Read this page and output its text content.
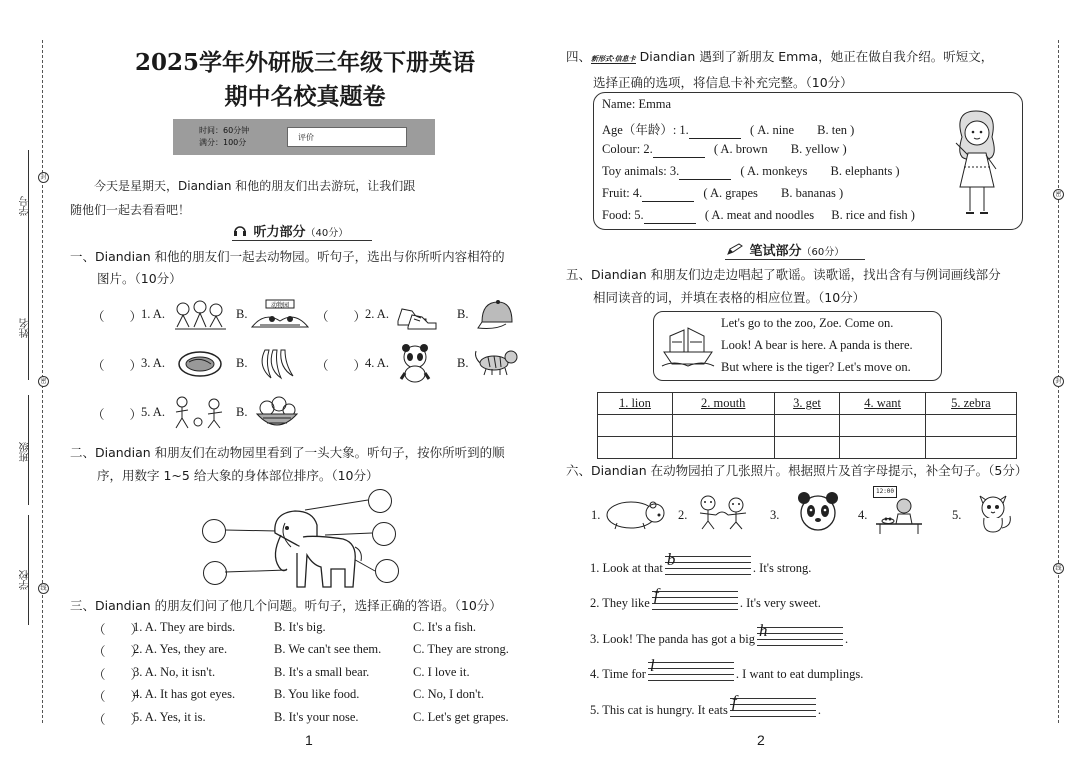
封
密
线
学号
姓名
班级
学校
密
封
线
2025学年外研版三年级下册英语
期中名校真题卷
时间：60分钟
满分：100分
评价
今天是星期天，Diandian 和他的朋友们出去游玩，让我们跟
随他们一起去看看吧！
听力部分（40分）
一、Diandian 和他的朋友们一起去动物园。听句子，选出与你所听内容相符的
图片。（10分）
（　　）
1. A.	B.
动物园
（　　）
2. A.	B.
（　　）
3. A.	B.	（　　）
4. A.	B.
（　　）
5. A.	B.
二、Diandian 和朋友们在动物园里看到了一头大象。听句子，按你所听到的顺
序，用数字 1~5 给大象的身体部位排序。（10分）
三、Diandian 的朋友们问了他几个问题。听句子，选择正确的答语。（10分）
（　　）
1. A. They are birds.	B. It's big.	C. It's a fish.
（　　）
2. A. Yes, they are.	B. We can't see them.	C. They are strong.
（　　）
3. A. No, it isn't.	B. It's a small bear.	C. I love it.
（　　）
4. A. It has got eyes.	B. You like food.	C. No, I don't.
（　　）
5. A. Yes, it is.	B. It's your nose.	C. Let's get grapes.
1
四、新形式·信息卡 Diandian 遇到了新朋友 Emma，她正在做自我介绍。听短文，
选择正确的选项，将信息卡补充完整。（10分）
Name: Emma
Age（年龄）: 1.	( A. nine B. ten )
Colour: 2.	( A. brown B. yellow )
Toy animals: 3.	( A. monkeys B. elephants )
Fruit: 4.	( A. grapes B. bananas )
Food: 5.	( A. meat and noodles B. rice and fish )
笔试部分（60分）
五、Diandian 和朋友们边走边唱起了歌谣。读歌谣，找出含有与例词画线部分
相同读音的词，并填在表格的相应位置。（10分）
Let's go to the zoo, Zoe. Come on.
Look! A bear is here. A panda is there.
But where is the tiger? Let's move on.
1. lion	2. mouth	3. get	4. want	5. zebra

六、Diandian 在动物园拍了几张照片。根据照片及首字母提示，补全句子。（5分）
1.	2.	3.	4.
12:00
5.
1. Look at that b	. It's strong.
2. They like f	. It's very sweet.
3. Look! The panda has got a big h	.
4. Time for l	. I want to eat dumplings.
5. This cat is hungry. It eats f	.
2
